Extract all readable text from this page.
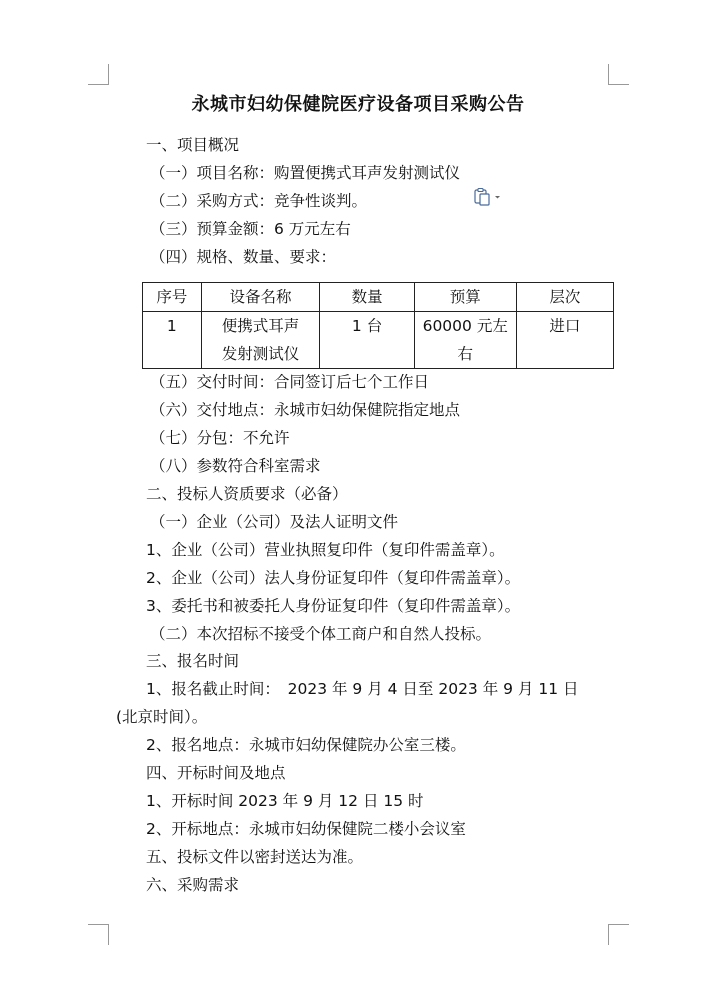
永城市妇幼保健院医疗设备项目采购公告
一、项目概况
（一）项目名称：购置便携式耳声发射测试仪
（二）采购方式：竞争性谈判。
（三）预算金额：6 万元左右
（四）规格、数量、要求：
序号	设备名称	数量	预算	层次
1	便携式耳声发射测试仪	1 台	60000 元左右	进口
（五）交付时间：合同签订后七个工作日
（六）交付地点：永城市妇幼保健院指定地点
（七）分包：不允许
（八）参数符合科室需求
二、投标人资质要求（必备）
（一）企业（公司）及法人证明文件
1、企业（公司）营业执照复印件（复印件需盖章）。
2、企业（公司）法人身份证复印件（复印件需盖章）。
3、委托书和被委托人身份证复印件（复印件需盖章）。
（二）本次招标不接受个体工商户和自然人投标。
三、报名时间
1、报名截止时间：　2023 年 9 月 4 日至 2023 年 9 月 11 日
(北京时间）。
2、报名地点：永城市妇幼保健院办公室三楼。
四、开标时间及地点
1、开标时间 2023 年 9 月 12 日 15 时
2、开标地点：永城市妇幼保健院二楼小会议室
五、投标文件以密封送达为准。
六、采购需求
